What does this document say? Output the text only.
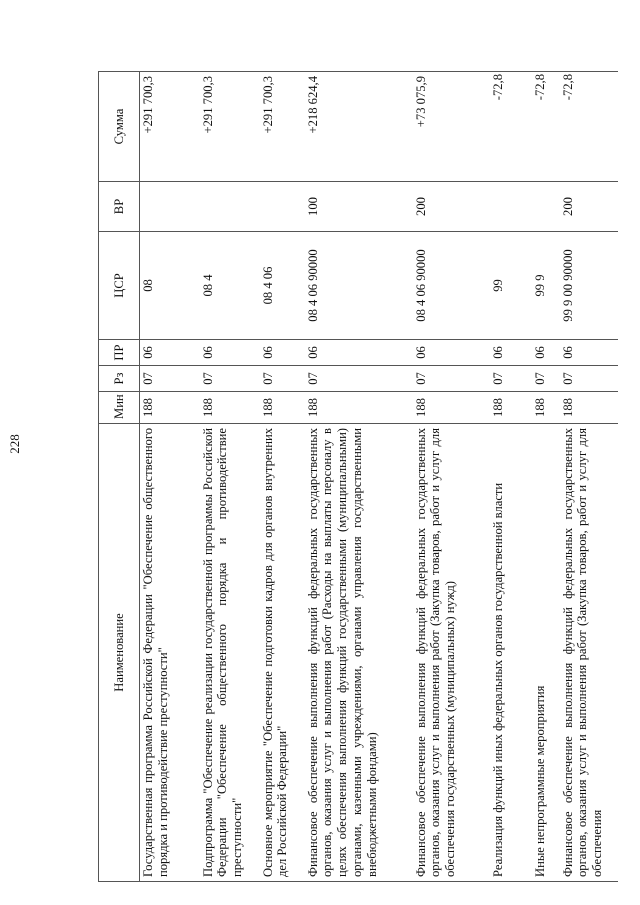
228
Наименование	Мин	Рз	ПР	ЦСР	ВР	Сумма
Государственная программа Российской Федерации "Обеспечение общественного порядка и противодействие преступности"	188	07	06	08		+291 700,3
Подпрограмма "Обеспечение реализации государственной программы Российской Федерации "Обеспечение общественного порядка и противодействие преступности"	188	07	06	08 4		+291 700,3
Основное мероприятие "Обеспечение подготовки кадров для органов внутренних дел Российской Федерации"	188	07	06	08 4 06		+291 700,3
Финансовое обеспечение выполнения функций федеральных государственных органов, оказания услуг и выполнения работ (Расходы на выплаты персоналу в целях обеспечения выполнения функций государственными (муниципальными) органами, казенными учреждениями, органами управления государственными внебюджетными фондами)	188	07	06	08 4 06 90000	100	+218 624,4
Финансовое обеспечение выполнения функций федеральных государственных органов, оказания услуг и выполнения работ (Закупка товаров, работ и услуг для обеспечения государственных (муниципальных) нужд)	188	07	06	08 4 06 90000	200	+73 075,9
Реализация функций иных федеральных органов государственной власти	188	07	06	99		-72,8
Иные непрограммные мероприятия	188	07	06	99 9		-72,8
Финансовое обеспечение выполнения функций федеральных государственных органов, оказания услуг и выполнения работ (Закупка товаров, работ и услуг для обеспечения	188	07	06	99 9 00 90000	200	-72,8
